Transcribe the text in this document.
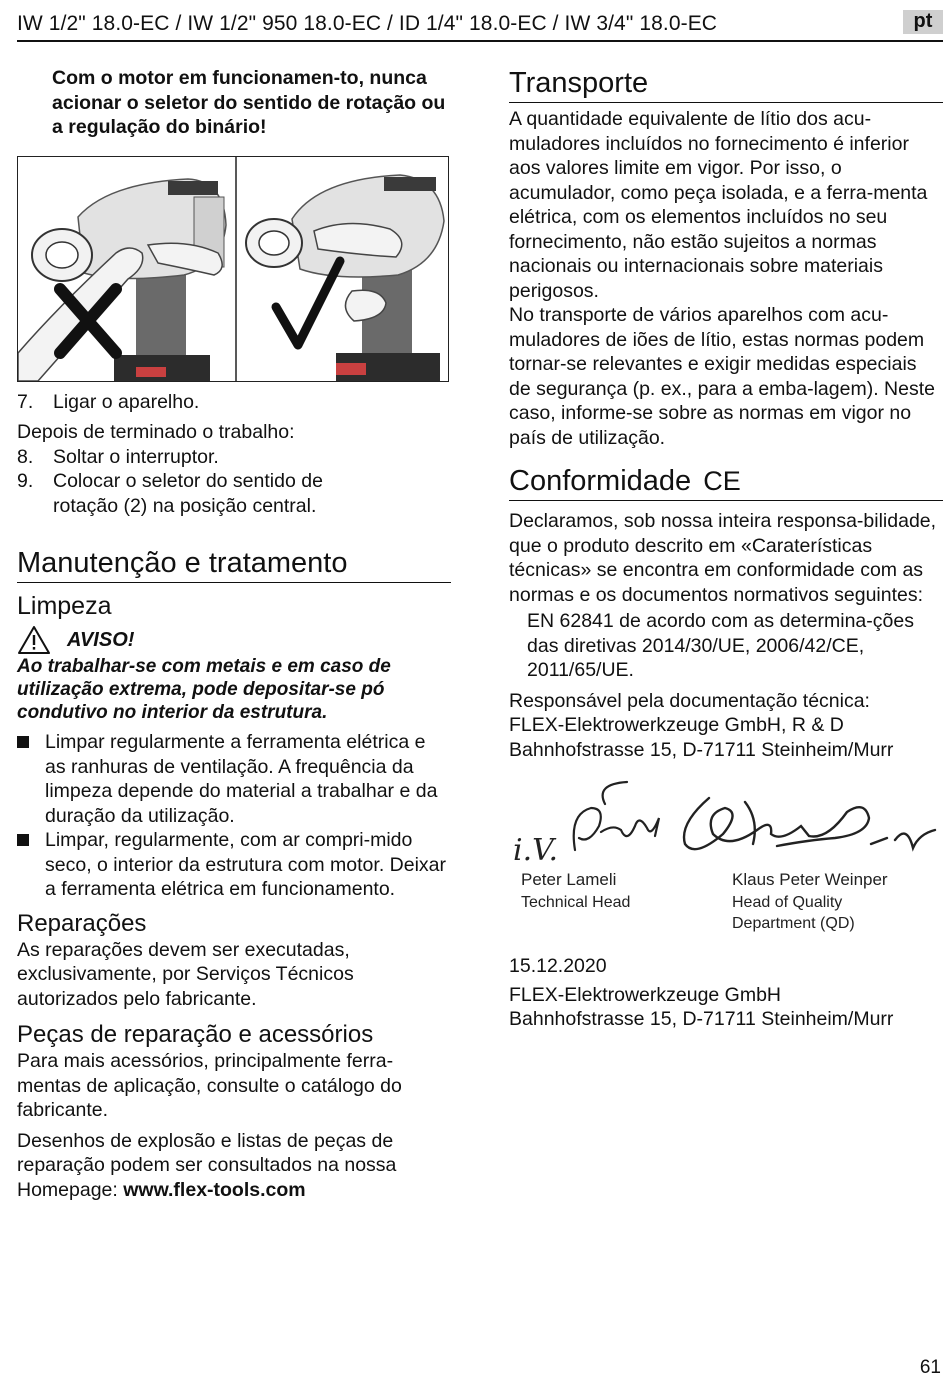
IW 1/2" 18.0-EC / IW 1/2" 950 18.0-EC / ID 1/4" 18.0-EC / IW 3/4" 18.0-EC	pt
Com o motor em funcionamen-to, nunca acionar o seletor do sentido de rotação ou a regulação do binário!
7.	Ligar o aparelho.

Depois de terminado o trabalho:

8.	Soltar o interruptor.
9.	Colocar o seletor do sentido de rotação (2) na posição central.
Manutenção e tratamento
Limpeza
AVISO!
Ao trabalhar-se com metais e em caso de utilização extrema, pode depositar-se pó condutivo no interior da estrutura.
Limpar regularmente a ferramenta elétrica e as ranhuras de ventilação. A frequência da limpeza depende do material a trabalhar e da duração da utilização.
Limpar, regularmente, com ar compri-mido seco, o interior da estrutura com motor. Deixar a ferramenta elétrica em funcionamento.
Reparações

As reparações devem ser executadas, exclusivamente, por Serviços Técnicos autorizados pelo fabricante.

Peças de reparação e acessórios

Para mais acessórios, principalmente ferra-mentas de aplicação, consulte o catálogo do fabricante.

Desenhos de explosão e listas de peças de reparação podem ser consultados na nossa Homepage: www.flex-tools.com

Transporte

A quantidade equivalente de lítio dos acu-muladores incluídos no fornecimento é inferior aos valores limite em vigor. Por isso, o acumulador, como peça isolada, e a ferra-menta elétrica, com os elementos incluídos no seu fornecimento, não estão sujeitos a normas nacionais ou internacionais sobre materiais perigosos.

No transporte de vários aparelhos com acu-muladores de iões de lítio, estas normas podem tornar-se relevantes e exigir medidas especiais de segurança (p. ex., para a emba-lagem). Neste caso, informe-se sobre as normas em vigor no país de utilização.

Conformidade CE

Declaramos, sob nossa inteira responsa-bilidade, que o produto descrito em «Caraterísticas técnicas» se encontra em conformidade com as normas e os documentos normativos seguintes:

EN 62841 de acordo com as determina-ções das diretivas 2014/30/UE, 2006/42/CE, 2011/65/UE.

Responsável pela documentação técnica:

FLEX-Elektrowerkzeuge GmbH, R & D

Bahnhofstrasse 15, D-71711 Steinheim/Murr

i.V.
Peter Lameli
Technical Head
Klaus Peter Weinper
Head of Quality
Department (QD)

15.12.2020

FLEX-Elektrowerkzeuge GmbH

Bahnhofstrasse 15, D-71711 Steinheim/Murr

61
